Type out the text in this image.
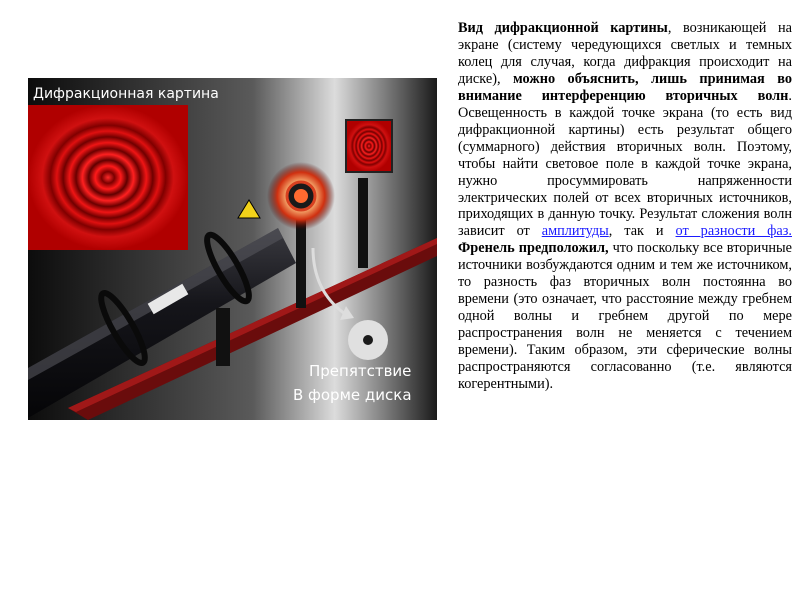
Дифракционная картина
Препятствие
В форме диска
Вид дифракционной картины, возникающей на экране (систему чередующихся светлых и темных колец для случая, когда дифракция происходит на диске), можно объяснить, лишь принимая во внимание интерференцию вторичных волн. Освещенность в каждой точке экрана (то есть вид дифракционной картины) есть результат общего (суммарного) действия вторичных волн. Поэтому, чтобы найти световое поле в каждой точке экрана, нужно просуммировать напряженности электрических полей от всех вторичных источников, приходящих в данную точку. Результат сложения волн зависит от амплитуды, так и от разности фаз. Френель предположил, что поскольку все вторичные источники возбуждаются одним и тем же источником, то разность фаз вторичных волн постоянна во времени (это означает, что расстояние между гребнем одной волны и гребнем другой по мере распространения волн не меняется с течением времени). Таким образом, эти сферические волны распространяются согласованно (т.е. являются когерентными).
